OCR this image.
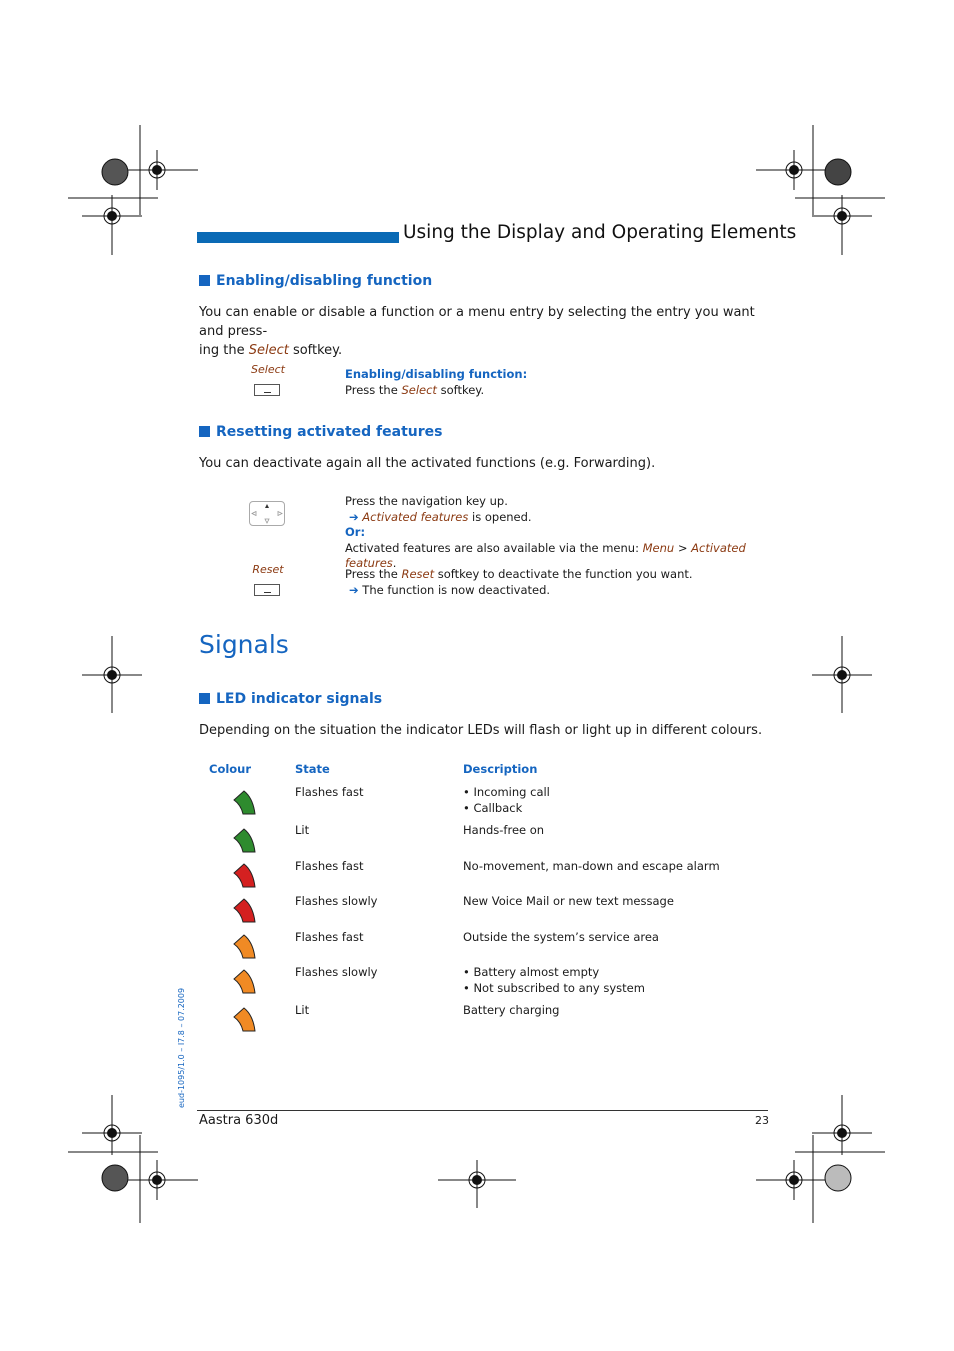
Using the Display and Operating Elements
Enabling/disabling function
You can enable or disable a function or a menu entry by selecting the entry you want and press-
ing the Select softkey.
Select	Enabling/disabling function:
Press the Select softkey.
Resetting activated features
You can deactivate again all the activated functions (e.g. Forwarding).
Press the navigation key up.
➔ Activated features is opened.
Or:
Activated features are also available via the menu: Menu > Activated features.
Reset	Press the Reset softkey to deactivate the function you want.
➔ The function is now deactivated.
Signals
LED indicator signals
Depending on the situation the indicator LEDs will flash or light up in different colours.
Colour	State	Description
Flashes fast	• Incoming call
• Callback
Lit	Hands-free on
Flashes fast	No-movement, man-down and escape alarm
Flashes slowly	New Voice Mail or new text message
Flashes fast	Outside the system’s service area
Flashes slowly	• Battery almost empty
• Not subscribed to any system
Lit	Battery charging
Aastra 630d	23
eud-1095/1.0 – I7.8 – 07.2009
